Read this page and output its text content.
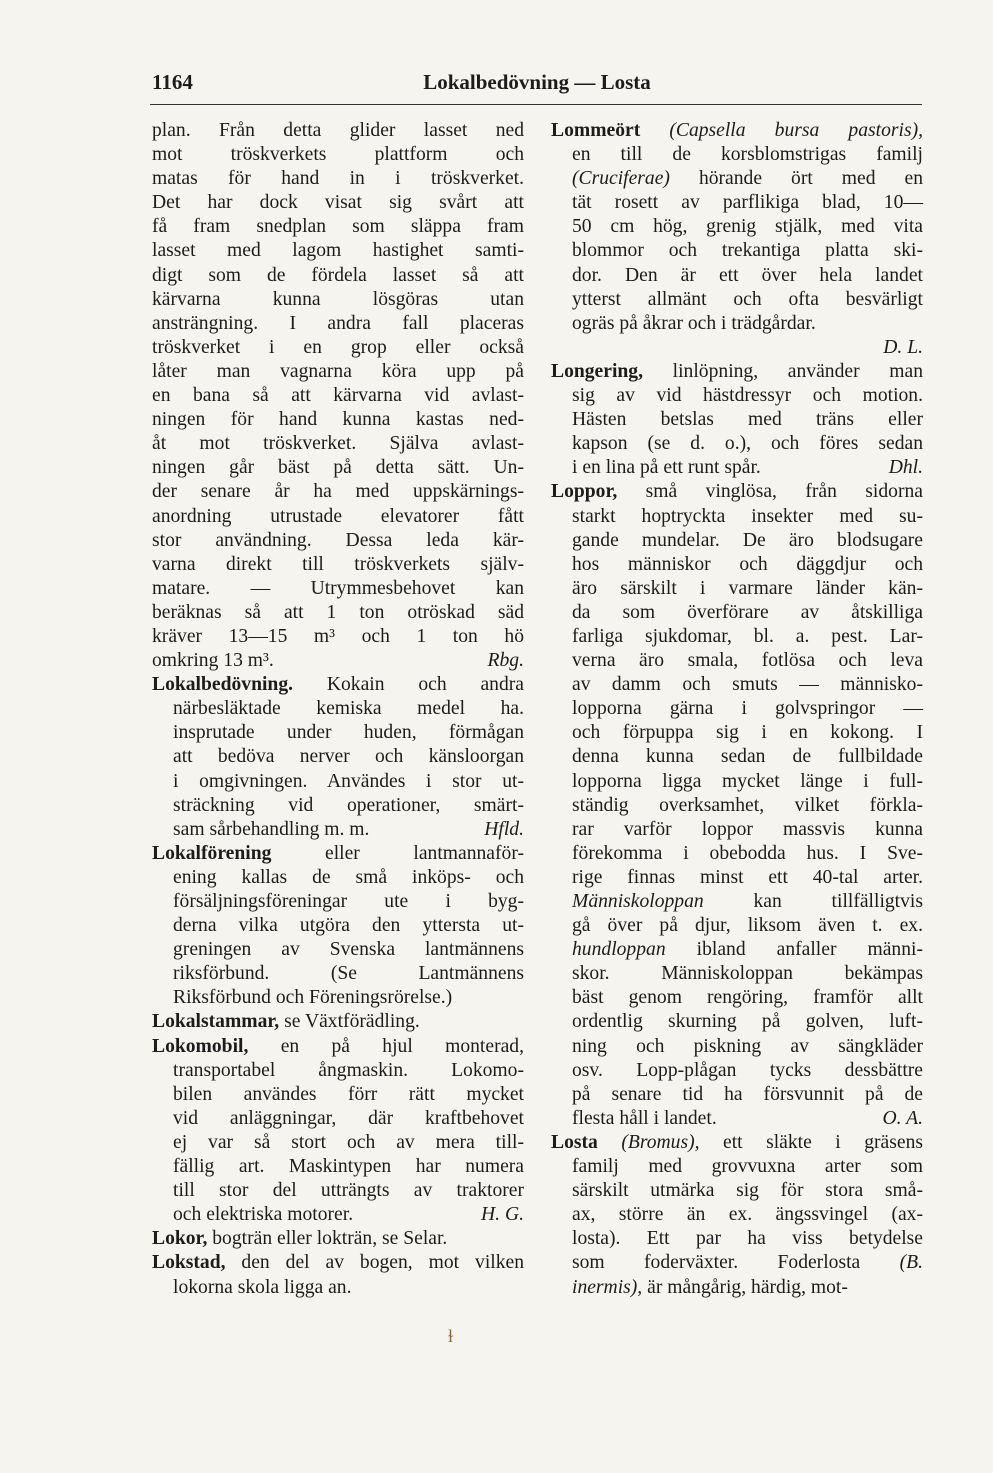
1164	Lokalbedövning — Losta
plan. Från detta glider lasset ned
mot tröskverkets plattform och
matas för hand in i tröskverket.
Det har dock visat sig svårt att
få fram snedplan som släppa fram
lasset med lagom hastighet samti-
digt som de fördela lasset så att
kärvarna kunna lösgöras utan
ansträngning. I andra fall placeras
tröskverket i en grop eller också
låter man vagnarna köra upp på
en bana så att kärvarna vid avlast-
ningen för hand kunna kastas ned-
åt mot tröskverket. Själva avlast-
ningen går bäst på detta sätt. Un-
der senare år ha med uppskärnings-
anordning utrustade elevatorer fått
stor användning. Dessa leda kär-
varna direkt till tröskverkets själv-
matare. — Utrymmesbehovet kan
beräknas så att 1 ton otröskad säd
kräver 13—15 m³ och 1 ton hö
omkring 13 m³.	Rbg.
Lokalbedövning. Kokain och andra
närbesläktade kemiska medel ha.
insprutade under huden, förmågan
att bedöva nerver och känsloorgan
i omgivningen. Användes i stor ut-
sträckning vid operationer, smärt-
sam sårbehandling m. m.	Hfld.
Lokalförening eller lantmannaför-
ening kallas de små inköps- och
försäljningsföreningar ute i byg-
derna vilka utgöra den yttersta ut-
greningen av Svenska lantmännens
riksförbund. (Se Lantmännens
Riksförbund och Föreningsrörelse.)
Lokalstammar, se Växtförädling.
Lokomobil, en på hjul monterad,
transportabel ångmaskin. Lokomo-
bilen användes förr rätt mycket
vid anläggningar, där kraftbehovet
ej var så stort och av mera till-
fällig art. Maskintypen har numera
till stor del utträngts av traktorer
och elektriska motorer.	H. G.
Lokor, bogträn eller lokträn, se Selar.
Lokstad, den del av bogen, mot vilken
lokorna skola ligga an.
Lommeört (Capsella bursa pastoris),
en till de korsblomstrigas familj
(Cruciferae) hörande ört med en
tät rosett av parflikiga blad, 10—
50 cm hög, grenig stjälk, med vita
blommor och trekantiga platta ski-
dor. Den är ett över hela landet
ytterst allmänt och ofta besvärligt
ogräs på åkrar och i trädgårdar.
D. L.

Longering, linlöpning, använder man
sig av vid hästdressyr och motion.
Hästen betslas med träns eller
kapson (se d. o.), och föres sedan
i en lina på ett runt spår.	Dhl.
Loppor, små vinglösa, från sidorna
starkt hoptryckta insekter med su-
gande mundelar. De äro blodsugare
hos människor och däggdjur och
äro särskilt i varmare länder kän-
da som överförare av åtskilliga
farliga sjukdomar, bl. a. pest. Lar-
verna äro smala, fotlösa och leva
av damm och smuts — människo-
lopporna gärna i golvspringor —
och förpuppa sig i en kokong. I
denna kunna sedan de fullbildade
lopporna ligga mycket länge i full-
ständig overksamhet, vilket förkla-
rar varför loppor massvis kunna
förekomma i obebodda hus. I Sve-
rige finnas minst ett 40-tal arter.
Människoloppan kan tillfälligtvis
gå över på djur, liksom även t. ex.
hundloppan ibland anfaller männi-
skor. Människoloppan bekämpas
bäst genom rengöring, framför allt
ordentlig skurning på golven, luft-
ning och piskning av sängkläder
osv. Lopp-plågan tycks dessbättre
på senare tid ha försvunnit på de
flesta håll i landet.	O. A.
Losta (Bromus), ett släkte i gräsens
familj med grovvuxna arter som
särskilt utmärka sig för stora små-
ax, större än ex. ängssvingel (ax-
losta). Ett par ha viss betydelse
som foderväxter. Foderlosta (B.
inermis), är mångårig, härdig, mot-
ɫ
